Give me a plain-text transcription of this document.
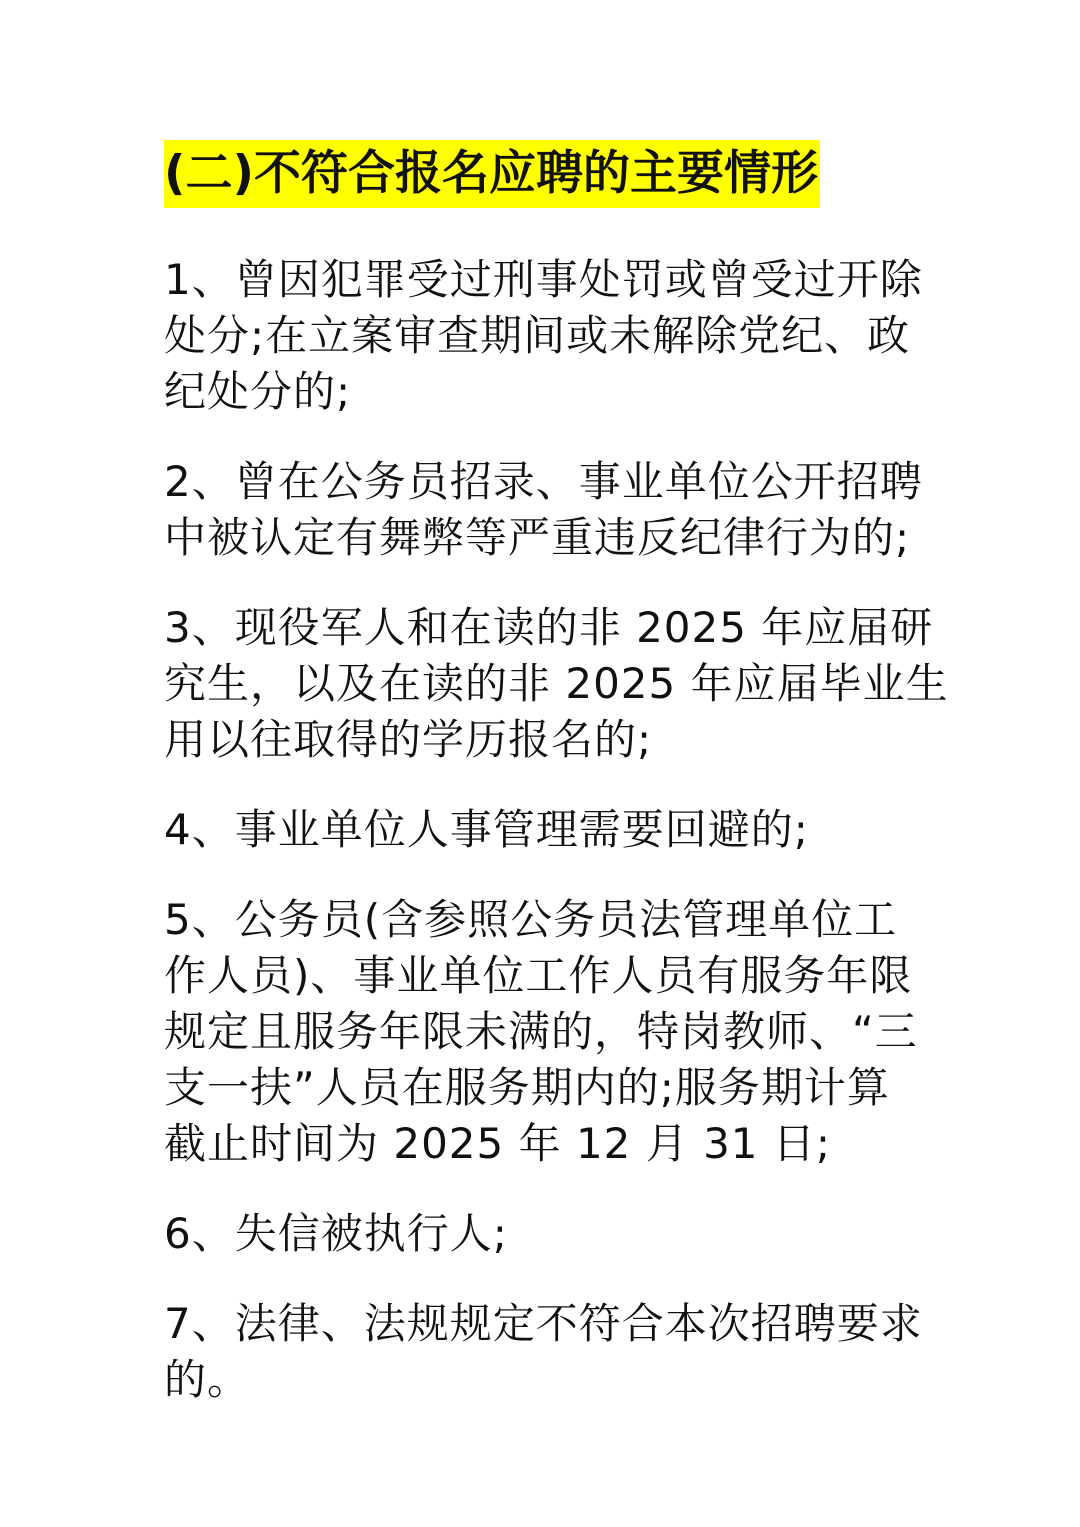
(二)不符合报名应聘的主要情形
1、曾因犯罪受过刑事处罚或曾受过开除
处分;在立案审查期间或未解除党纪、政
纪处分的;
2、曾在公务员招录、事业单位公开招聘
中被认定有舞弊等严重违反纪律行为的;
3、现役军人和在读的非 2025 年应届研
究生，以及在读的非 2025 年应届毕业生
用以往取得的学历报名的;
4、事业单位人事管理需要回避的;
5、公务员(含参照公务员法管理单位工
作人员)、事业单位工作人员有服务年限
规定且服务年限未满的，特岗教师、“三
支一扶”人员在服务期内的;服务期计算
截止时间为 2025 年 12 月 31 日;
6、失信被执行人;
7、法律、法规规定不符合本次招聘要求
的。
